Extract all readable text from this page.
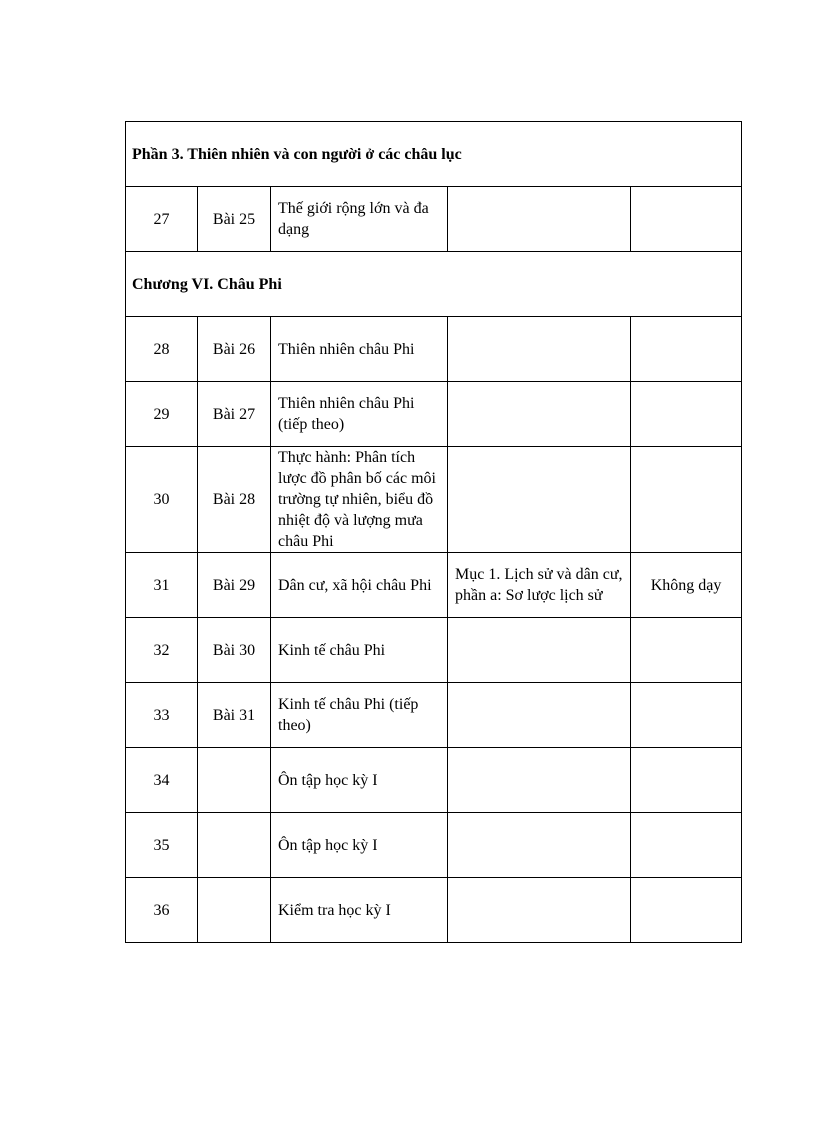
Phần 3. Thiên nhiên và con người ở các châu lục				
27	Bài 25	Thế giới rộng lớn và đa dạng		
Chương VI. Châu Phi				
28	Bài 26	Thiên nhiên châu Phi		
29	Bài 27	Thiên nhiên châu Phi (tiếp theo)		
30	Bài 28	Thực hành: Phân tích lược đồ phân bố các môi trường tự nhiên, biểu đồ nhiệt độ và lượng mưa châu Phi		
31	Bài 29	Dân cư, xã hội châu Phi	Mục 1. Lịch sử và dân cư, phần a: Sơ lược lịch sử	Không dạy
32	Bài 30	Kinh tế châu Phi		
33	Bài 31	Kinh tế châu Phi (tiếp theo)		
34		Ôn tập học kỳ I		
35		Ôn tập học kỳ I		
36		Kiểm tra học kỳ I		
